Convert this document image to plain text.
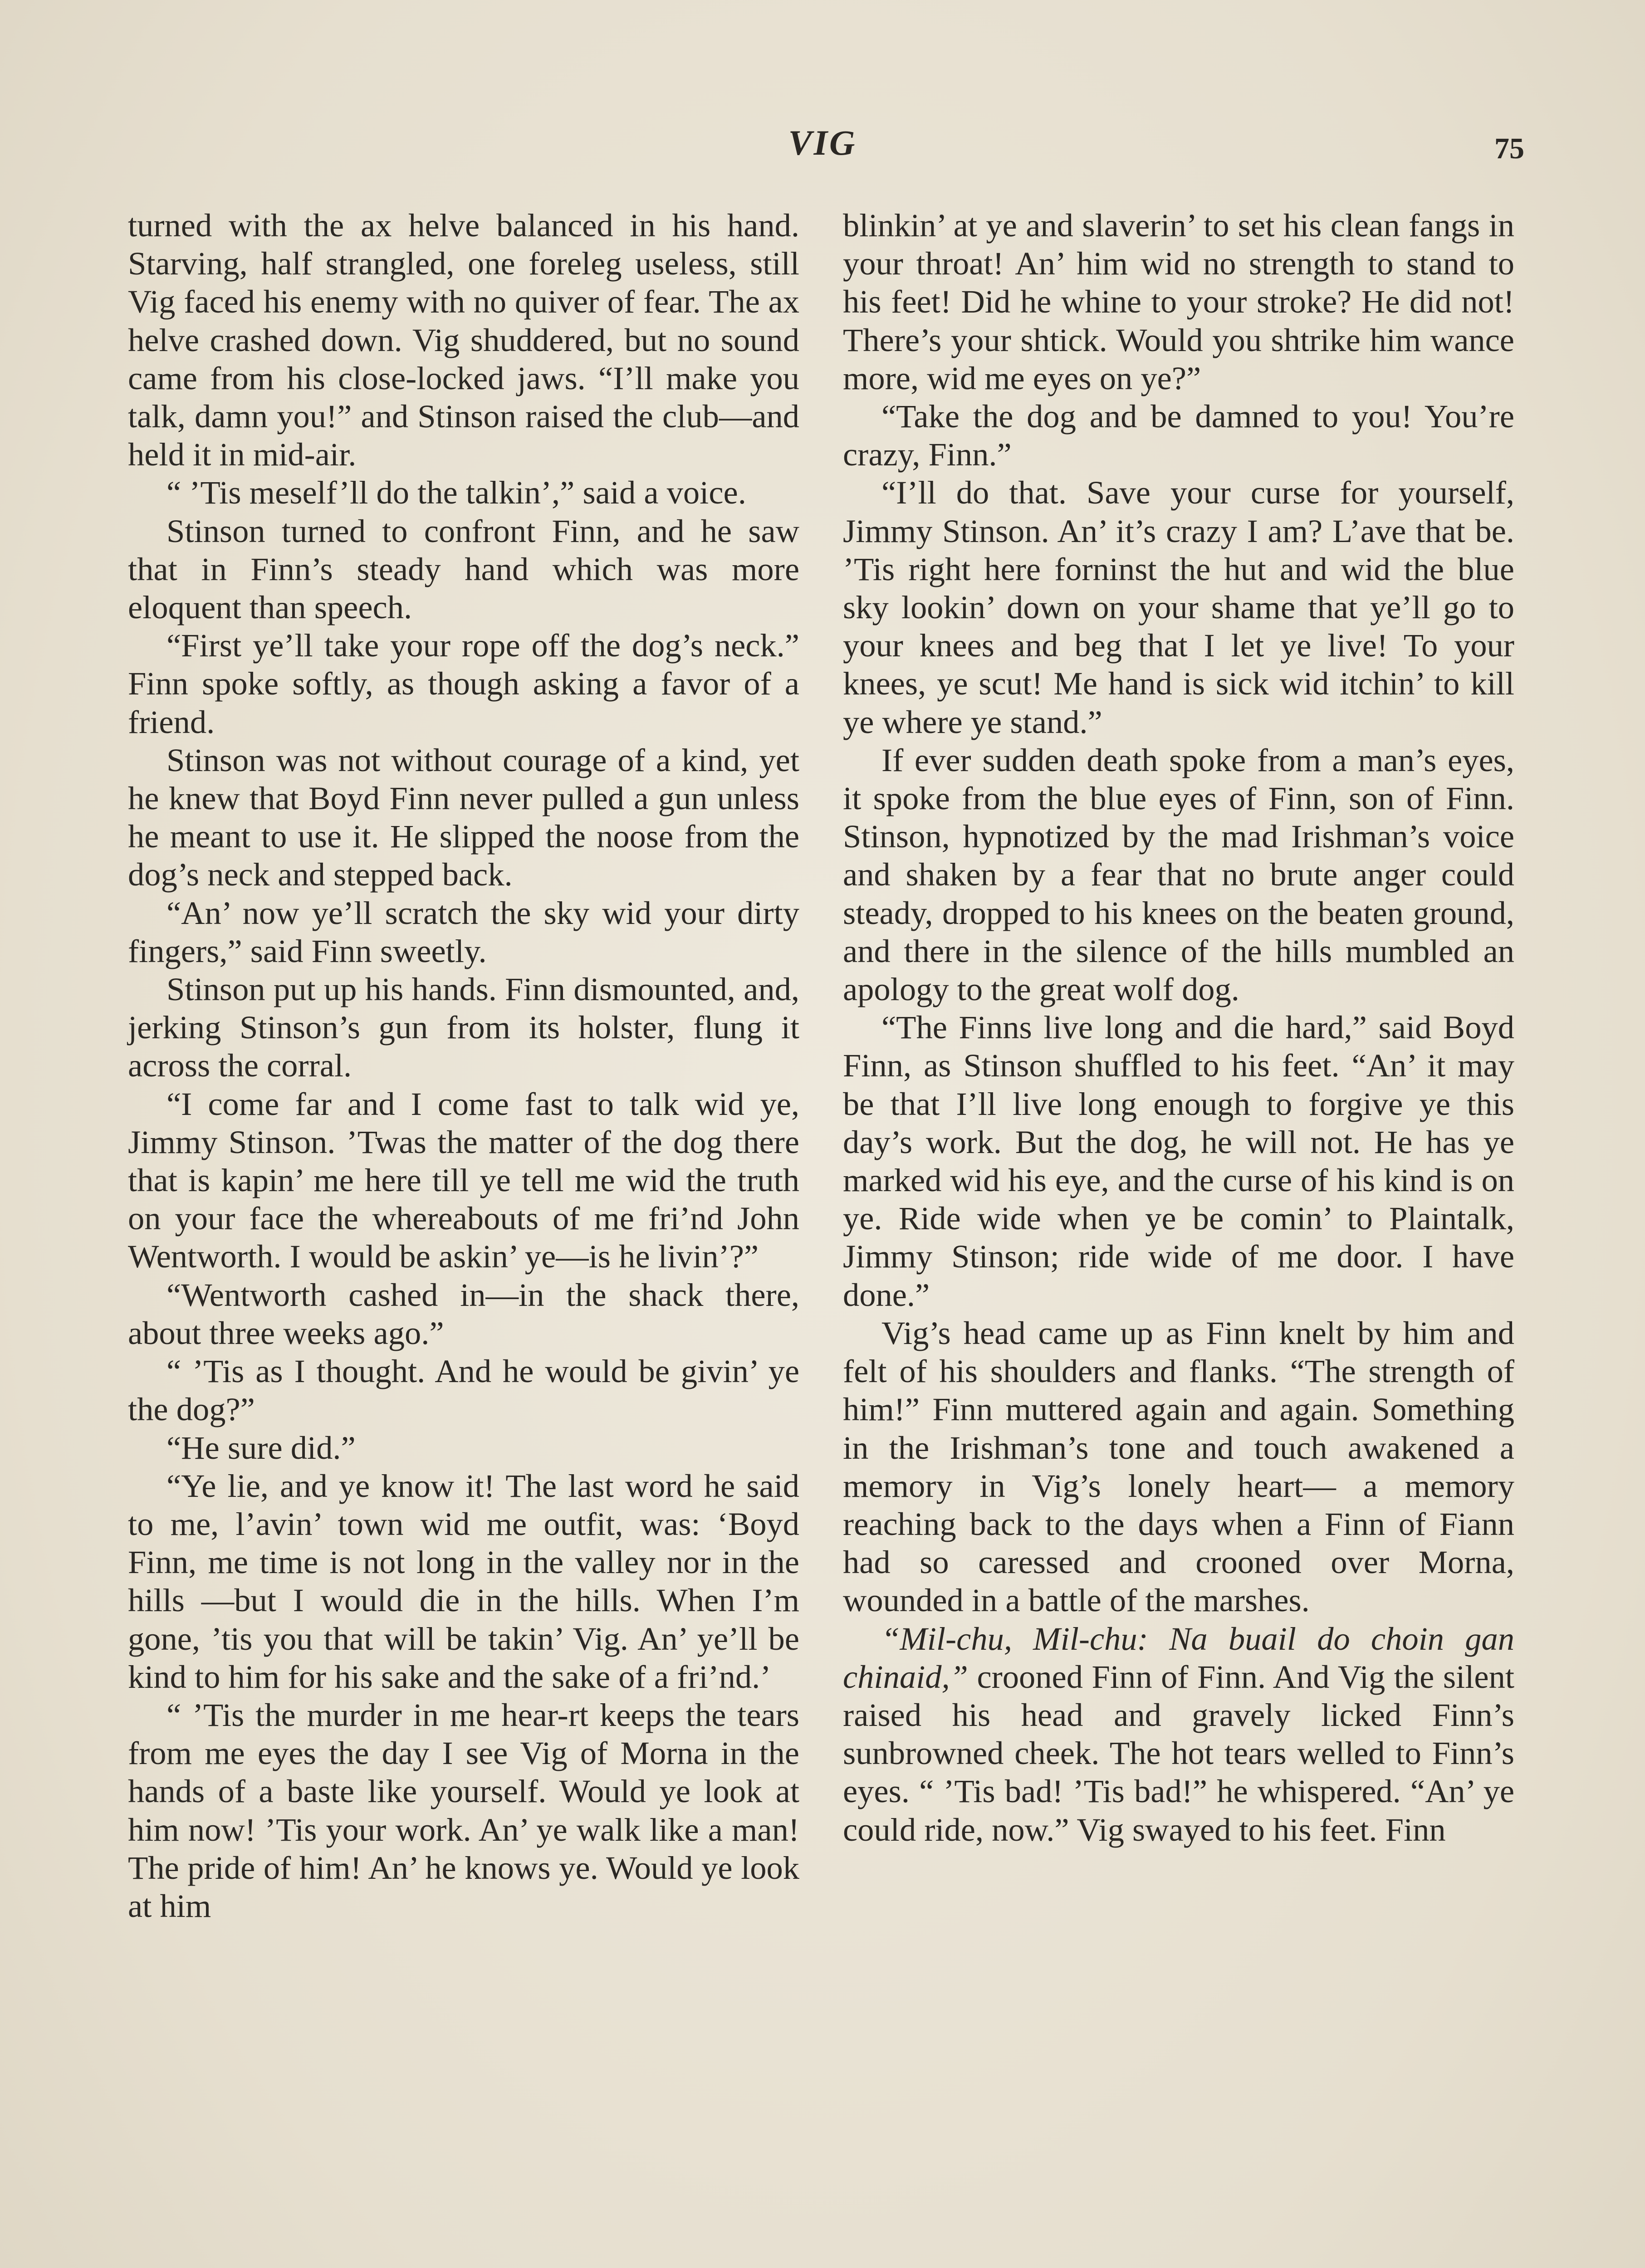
VIG	75

turned with the ax helve balanced in his hand. Starving, half strangled, one foreleg useless, still Vig faced his enemy with no quiver of fear. The ax helve crashed down. Vig shuddered, but no sound came from his close-locked jaws. “I’ll make you talk, damn you!” and Stinson raised the club—and held it in mid-air.

“ ’Tis meself’ll do the talkin’,” said a voice.

Stinson turned to confront Finn, and he saw that in Finn’s steady hand which was more eloquent than speech.

“First ye’ll take your rope off the dog’s neck.” Finn spoke softly, as though asking a favor of a friend.

Stinson was not without courage of a kind, yet he knew that Boyd Finn never pulled a gun unless he meant to use it. He slipped the noose from the dog’s neck and stepped back.

“An’ now ye’ll scratch the sky wid your dirty fingers,” said Finn sweetly.

Stinson put up his hands. Finn dismounted, and, jerking Stinson’s gun from its holster, flung it across the corral.

“I come far and I come fast to talk wid ye, Jimmy Stinson. ’Twas the matter of the dog there that is kapin’ me here till ye tell me wid the truth on your face the whereabouts of me fri’nd John Wentworth. I would be askin’ ye—is he livin’?”

“Wentworth cashed in—in the shack there, about three weeks ago.”

“ ’Tis as I thought. And he would be givin’ ye the dog?”

“He sure did.”

“Ye lie, and ye know it! The last word he said to me, l’avin’ town wid me outfit, was: ‘Boyd Finn, me time is not long in the valley nor in the hills —but I would die in the hills. When I’m gone, ’tis you that will be takin’ Vig. An’ ye’ll be kind to him for his sake and the sake of a fri’nd.’

“ ’Tis the murder in me hear-rt keeps the tears from me eyes the day I see Vig of Morna in the hands of a baste like yourself. Would ye look at him now! ’Tis your work. An’ ye walk like a man! The pride of him! An’ he knows ye. Would ye look at him

blinkin’ at ye and slaverin’ to set his clean fangs in your throat! An’ him wid no strength to stand to his feet! Did he whine to your stroke? He did not! There’s your shtick. Would you shtrike him wance more, wid me eyes on ye?”

“Take the dog and be damned to you! You’re crazy, Finn.”

“I’ll do that. Save your curse for yourself, Jimmy Stinson. An’ it’s crazy I am? L’ave that be. ’Tis right here forninst the hut and wid the blue sky lookin’ down on your shame that ye’ll go to your knees and beg that I let ye live! To your knees, ye scut! Me hand is sick wid itchin’ to kill ye where ye stand.”

If ever sudden death spoke from a man’s eyes, it spoke from the blue eyes of Finn, son of Finn. Stinson, hypnotized by the mad Irishman’s voice and shaken by a fear that no brute anger could steady, dropped to his knees on the beaten ground, and there in the silence of the hills mumbled an apology to the great wolf dog.

“The Finns live long and die hard,” said Boyd Finn, as Stinson shuffled to his feet. “An’ it may be that I’ll live long enough to forgive ye this day’s work. But the dog, he will not. He has ye marked wid his eye, and the curse of his kind is on ye. Ride wide when ye be comin’ to Plaintalk, Jimmy Stinson; ride wide of me door. I have done.”

Vig’s head came up as Finn knelt by him and felt of his shoulders and flanks. “The strength of him!” Finn muttered again and again. Something in the Irishman’s tone and touch awakened a memory in Vig’s lonely heart— a memory reaching back to the days when a Finn of Fiann had so caressed and crooned over Morna, wounded in a battle of the marshes.

“Mil-chu, Mil-chu: Na buail do choin gan chinaid,” crooned Finn of Finn. And Vig the silent raised his head and gravely licked Finn’s sunbrowned cheek. The hot tears welled to Finn’s eyes. “ ’Tis bad! ’Tis bad!” he whispered. “An’ ye could ride, now.” Vig swayed to his feet. Finn
